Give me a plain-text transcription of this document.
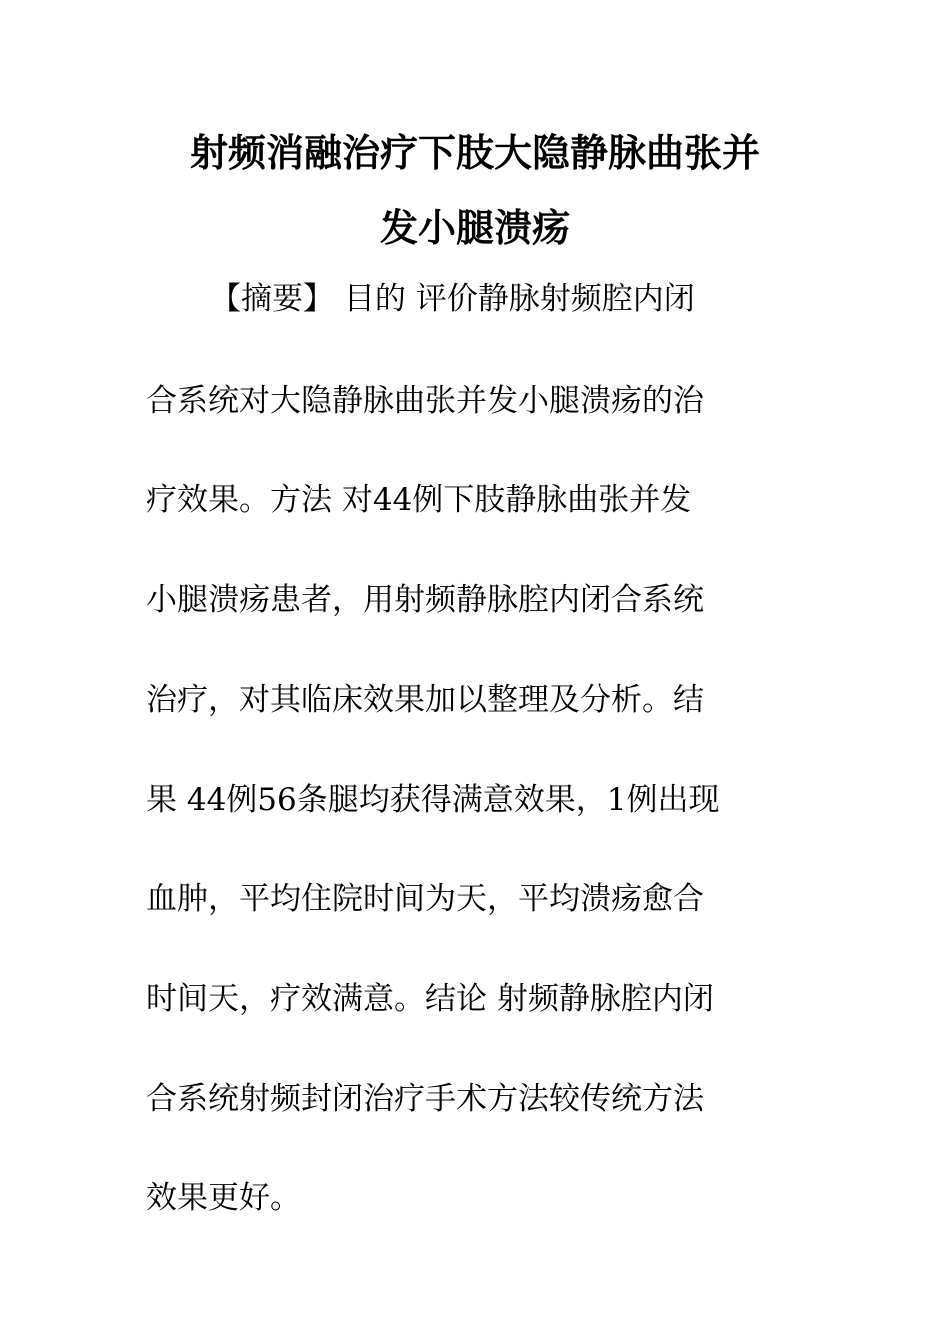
射频消融治疗下肢大隐静脉曲张并
发小腿溃疡
【摘要】 目的 评价静脉射频腔内闭
合系统对大隐静脉曲张并发小腿溃疡的治
疗效果。方法 对44例下肢静脉曲张并发
小腿溃疡患者，用射频静脉腔内闭合系统
治疗，对其临床效果加以整理及分析。结
果 44例56条腿均获得满意效果，1例出现
血肿，平均住院时间为天，平均溃疡愈合
时间天，疗效满意。结论 射频静脉腔内闭
合系统射频封闭治疗手术方法较传统方法
效果更好。
